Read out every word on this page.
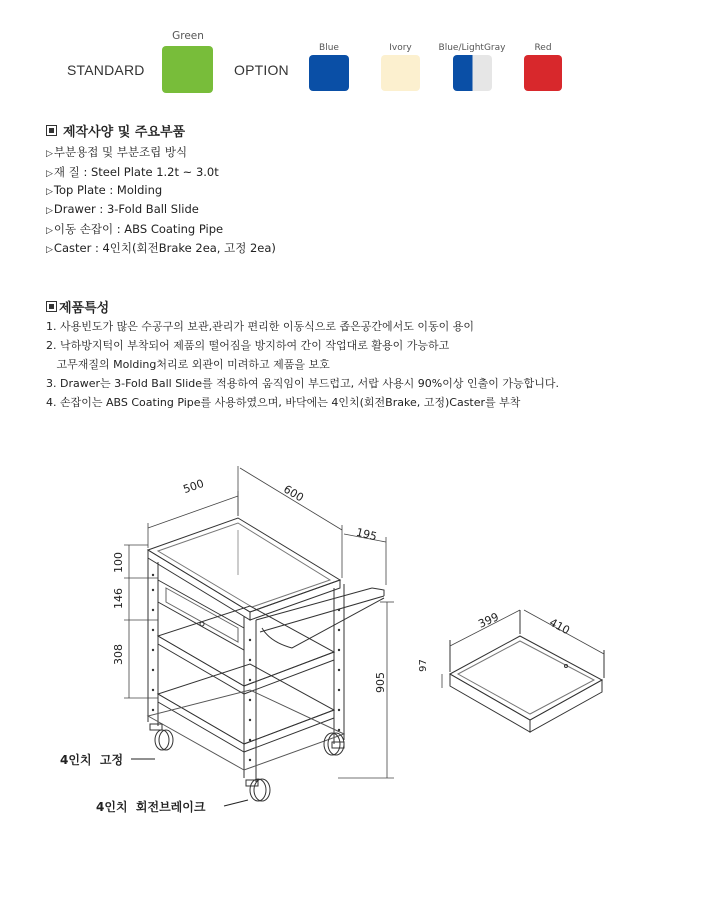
STANDARD
Green
OPTION
Blue	Ivory	Blue/LightGray	Red
제작사양 및 주요부품
▷부분용접 및 부분조립 방식
▷재 질 : Steel Plate 1.2t ~ 3.0t
▷Top Plate : Molding
▷Drawer : 3-Fold Ball Slide
▷이동 손잡이 : ABS Coating Pipe
▷Caster : 4인치(회전Brake 2ea, 고정 2ea)
제품특성
1. 사용빈도가 많은 수공구의 보관,관리가 편리한 이동식으로 좁은공간에서도 이동이 용이
2. 낙하방지턱이 부착되어 제품의 떨어짐을 방지하여 간이 작업대로 활용이 가능하고
고무재질의 Molding처리로 외관이 미려하고 제품을 보호
3. Drawer는 3-Fold Ball Slide를 적용하여 움직임이 부드럽고, 서랍 사용시 90%이상 인출이 가능합니다.
4. 손잡이는 ABS Coating Pipe를 사용하였으며, 바닥에는 4인치(회전Brake, 고정)Caster를 부착
500	600
195
905
100
146
308
399	410
97
4인치  고정
4인치  회전브레이크
